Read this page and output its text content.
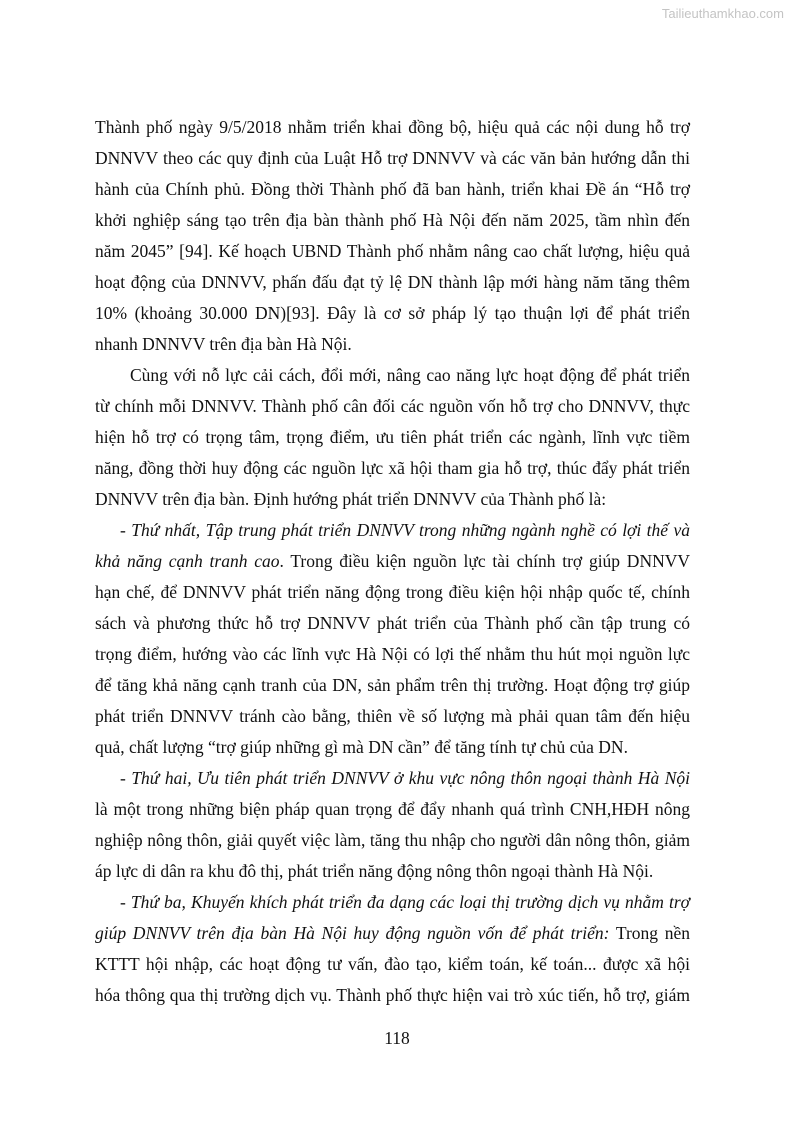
Tailieuthamkhao.com
Thành phố ngày 9/5/2018 nhằm triển khai đồng bộ, hiệu quả các nội dung hỗ trợ
DNNVV theo các quy định của Luật Hỗ trợ DNNVV và các văn bản hướng dẫn thi
hành của Chính phủ. Đồng thời Thành phố đã ban hành, triển khai Đề án “Hỗ trợ
khởi nghiệp sáng tạo trên địa bàn thành phố Hà Nội đến năm 2025, tầm nhìn đến
năm 2045” [94]. Kế hoạch UBND Thành phố nhằm nâng cao chất lượng, hiệu quả
hoạt động của DNNVV, phấn đấu đạt tỷ lệ DN thành lập mới hàng năm tăng thêm
10% (khoảng 30.000 DN)[93]. Đây là cơ sở pháp lý tạo thuận lợi để phát triển
nhanh DNNVV trên địa bàn Hà Nội.
Cùng với nỗ lực cải cách, đổi mới, nâng cao năng lực hoạt động để phát triển
từ chính mỗi DNNVV. Thành phố cân đối các nguồn vốn hỗ trợ cho DNNVV, thực
hiện hỗ trợ có trọng tâm, trọng điểm, ưu tiên phát triển các ngành, lĩnh vực tiềm
năng, đồng thời huy động các nguồn lực xã hội tham gia hỗ trợ, thúc đẩy phát triển
DNNVV trên địa bàn. Định hướng phát triển DNNVV của Thành phố là:
- Thứ nhất, Tập trung phát triển DNNVV trong những ngành nghề có lợi thế và
khả năng cạnh tranh cao. Trong điều kiện nguồn lực tài chính trợ giúp DNNVV
hạn chế, để DNNVV phát triển năng động trong điều kiện hội nhập quốc tế, chính
sách và phương thức hỗ trợ DNNVV phát triển của Thành phố cần tập trung có
trọng điểm, hướng vào các lĩnh vực Hà Nội có lợi thế nhằm thu hút mọi nguồn lực
để tăng khả năng cạnh tranh của DN, sản phẩm trên thị trường. Hoạt động trợ giúp
phát triển DNNVV tránh cào bằng, thiên về số lượng mà phải quan tâm đến hiệu
quả, chất lượng “trợ giúp những gì mà DN cần” để tăng tính tự chủ của DN.
- Thứ hai, Ưu tiên phát triển DNNVV ở khu vực nông thôn ngoại thành Hà Nội
là một trong những biện pháp quan trọng để đẩy nhanh quá trình CNH,HĐH nông
nghiệp nông thôn, giải quyết việc làm, tăng thu nhập cho người dân nông thôn, giảm
áp lực di dân ra khu đô thị, phát triển năng động nông thôn ngoại thành Hà Nội.
- Thứ ba, Khuyến khích phát triển đa dạng các loại thị trường dịch vụ nhằm trợ
giúp DNNVV trên địa bàn Hà Nội huy động nguồn vốn để phát triển: Trong nền
KTTT hội nhập, các hoạt động tư vấn, đào tạo, kiểm toán, kế toán... được xã hội
hóa thông qua thị trường dịch vụ. Thành phố thực hiện vai trò xúc tiến, hỗ trợ, giám
118
